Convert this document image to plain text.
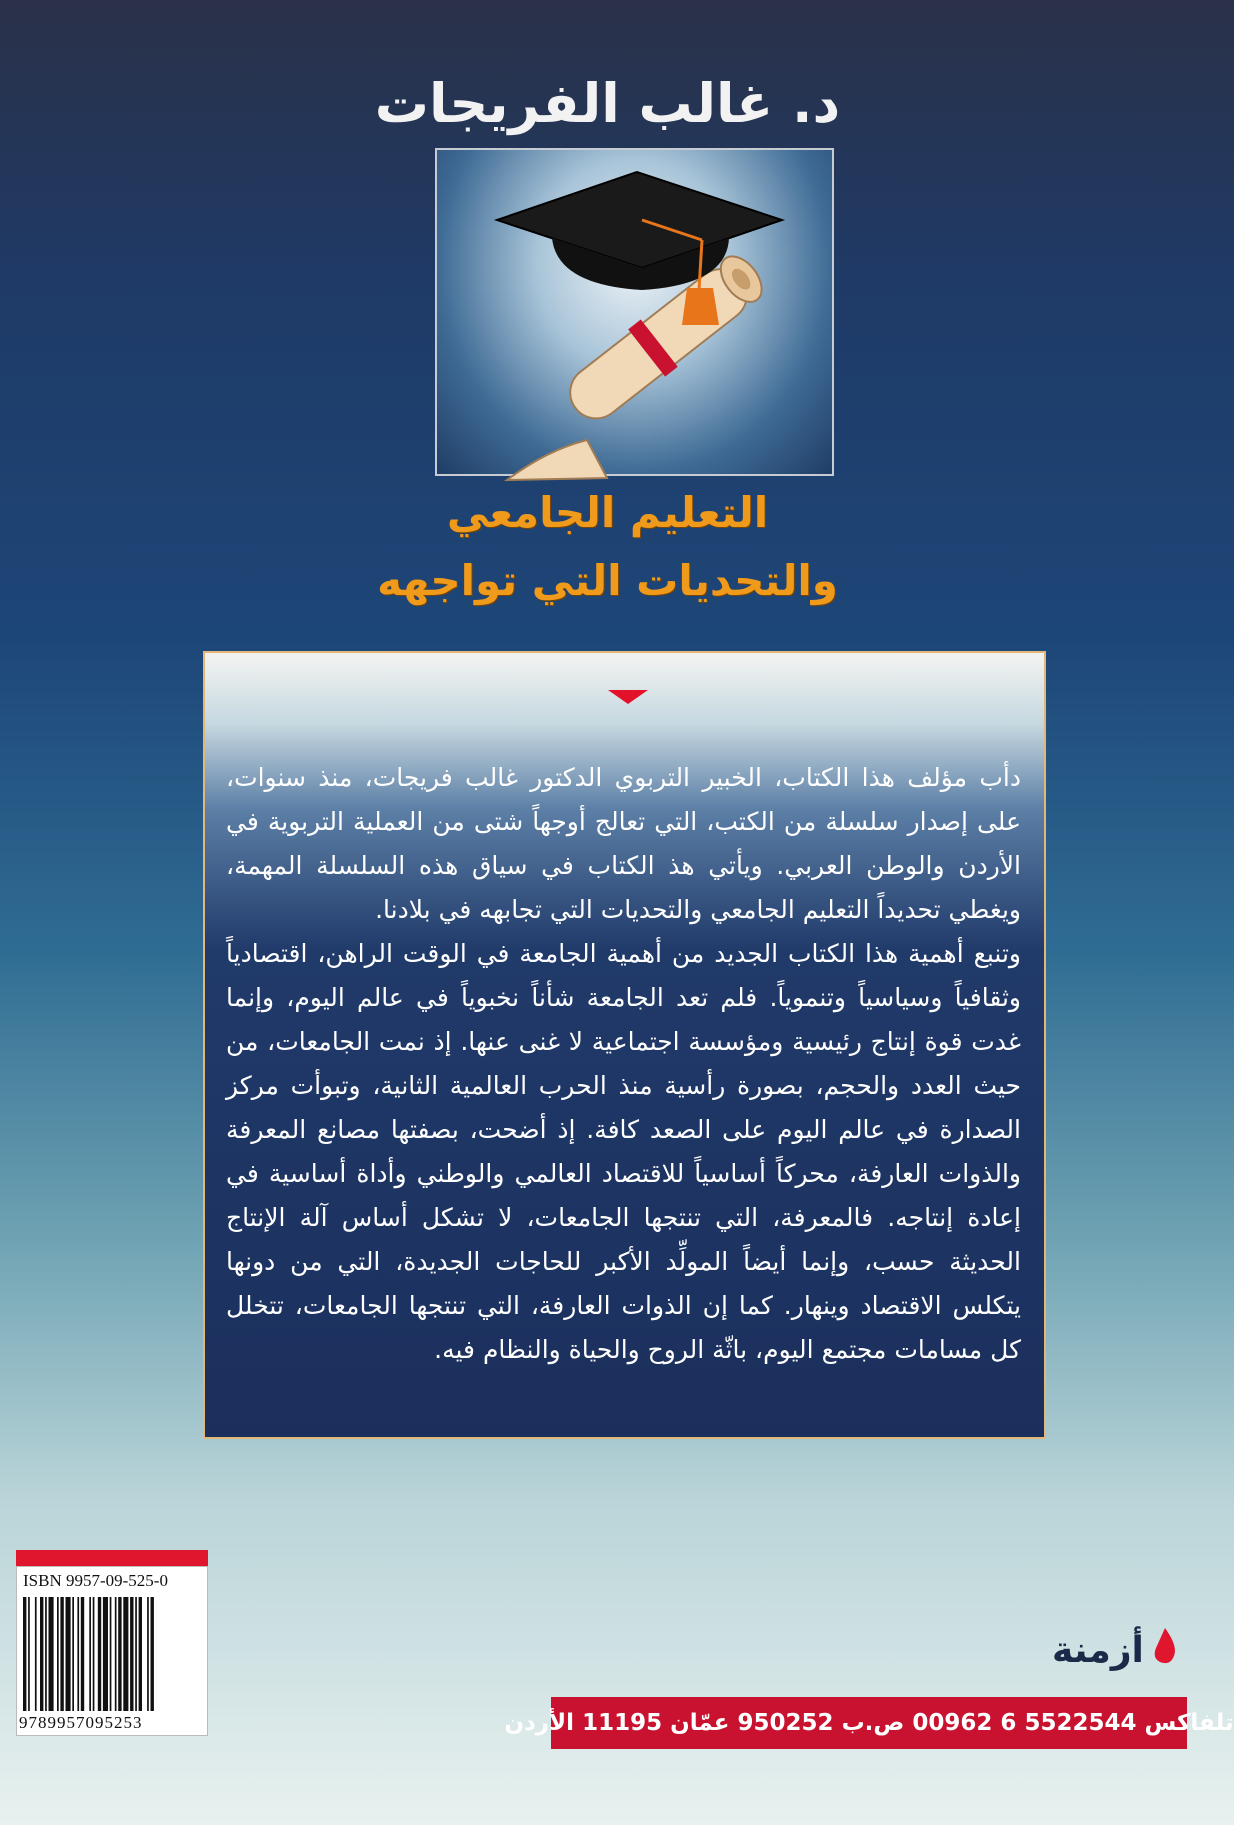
د. غالب الفريجات
التعليم الجامعي
والتحديات التي تواجهه

دأب مؤلف هذا الكتاب، الخبير التربوي الدكتور غالب فريجات، منذ سنوات، على إصدار سلسلة من الكتب، التي تعالج أوجهاً شتى من العملية التربوية في الأردن والوطن العربي. ويأتي هذ الكتاب في سياق هذه السلسلة المهمة، ويغطي تحديداً التعليم الجامعي والتحديات التي تجابهه في بلادنا.

وتنبع أهمية هذا الكتاب الجديد من أهمية الجامعة في الوقت الراهن، اقتصادياً وثقافياً وسياسياً وتنموياً. فلم تعد الجامعة شأناً نخبوياً في عالم اليوم، وإنما غدت قوة إنتاج رئيسية ومؤسسة اجتماعية لا غنى عنها. إذ نمت الجامعات، من حيث العدد والحجم، بصورة رأسية منذ الحرب العالمية الثانية، وتبوأت مركز الصدارة في عالم اليوم على الصعد كافة. إذ أضحت، بصفتها مصانع المعرفة والذوات العارفة، محركاً أساسياً للاقتصاد العالمي والوطني وأداة أساسية في إعادة إنتاجه. فالمعرفة، التي تنتجها الجامعات، لا تشكل أساس آلة الإنتاج الحديثة حسب، وإنما أيضاً المولِّد الأكبر للحاجات الجديدة، التي من دونها يتكلس الاقتصاد وينهار. كما إن الذوات العارفة، التي تنتجها الجامعات، تتخلل كل مسامات مجتمع اليوم، باثّة الروح والحياة والنظام فيه.

ISBN 9957-09-525-0
9789957095253
أزمنة
تلفاكس 5522544 6 00962 ص.ب 950252 عمّان 11195 الأردن
